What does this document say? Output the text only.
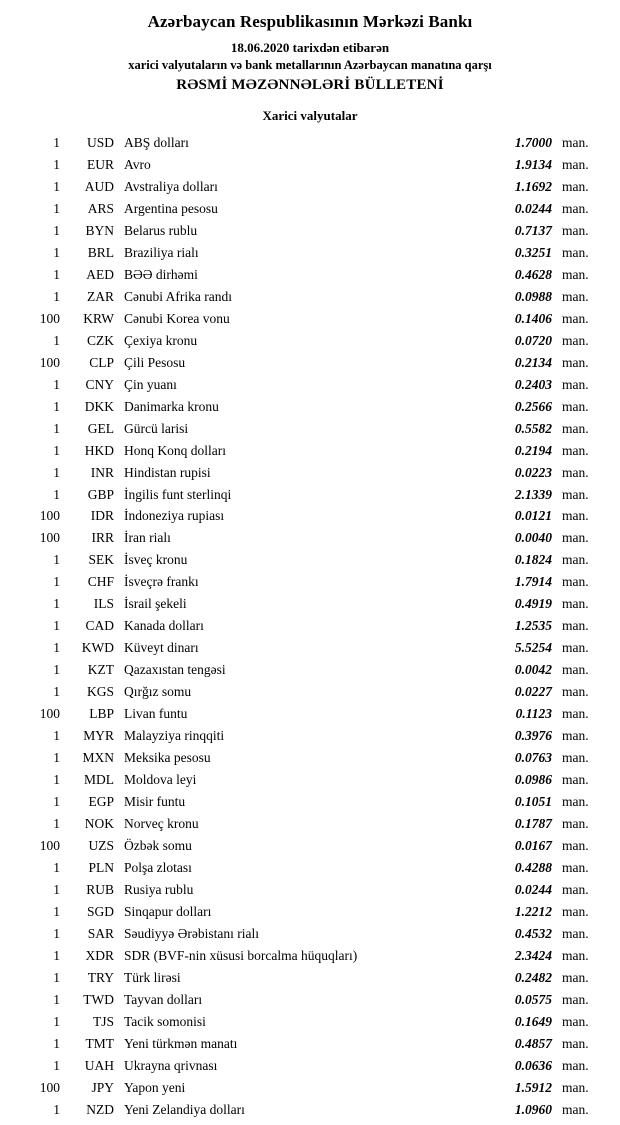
Azərbaycan Respublikasının Mərkəzi Bankı
18.06.2020 tarixdən etibarən
xarici valyutaların və bank metallarının Azərbaycan manatına qarşı
RƏSMİ MƏZƏNNƏLƏRİ BÜLLETENİ
Xarici valyutalar
1	USD	ABŞ dolları	1.7000	man.
1	EUR	Avro	1.9134	man.
1	AUD	Avstraliya dolları	1.1692	man.
1	ARS	Argentina pesosu	0.0244	man.
1	BYN	Belarus rublu	0.7137	man.
1	BRL	Braziliya rialı	0.3251	man.
1	AED	BƏƏ dirhəmi	0.4628	man.
1	ZAR	Cənubi Afrika randı	0.0988	man.
100	KRW	Cənubi Korea vonu	0.1406	man.
1	CZK	Çexiya kronu	0.0720	man.
100	CLP	Çili Pesosu	0.2134	man.
1	CNY	Çin yuanı	0.2403	man.
1	DKK	Danimarka kronu	0.2566	man.
1	GEL	Gürcü larisi	0.5582	man.
1	HKD	Honq Konq dolları	0.2194	man.
1	INR	Hindistan rupisi	0.0223	man.
1	GBP	İngilis funt sterlinqi	2.1339	man.
100	IDR	İndoneziya rupiası	0.0121	man.
100	IRR	İran rialı	0.0040	man.
1	SEK	İsveç kronu	0.1824	man.
1	CHF	İsveçrə frankı	1.7914	man.
1	ILS	İsrail şekeli	0.4919	man.
1	CAD	Kanada dolları	1.2535	man.
1	KWD	Küveyt dinarı	5.5254	man.
1	KZT	Qazaxıstan tengəsi	0.0042	man.
1	KGS	Qırğız somu	0.0227	man.
100	LBP	Livan funtu	0.1123	man.
1	MYR	Malayziya rinqqiti	0.3976	man.
1	MXN	Meksika pesosu	0.0763	man.
1	MDL	Moldova leyi	0.0986	man.
1	EGP	Misir funtu	0.1051	man.
1	NOK	Norveç kronu	0.1787	man.
100	UZS	Özbək somu	0.0167	man.
1	PLN	Polşa zlotası	0.4288	man.
1	RUB	Rusiya rublu	0.0244	man.
1	SGD	Sinqapur dolları	1.2212	man.
1	SAR	Səudiyyə Ərəbistanı rialı	0.4532	man.
1	XDR	SDR (BVF-nin xüsusi borcalma hüquqları)	2.3424	man.
1	TRY	Türk lirəsi	0.2482	man.
1	TWD	Tayvan dolları	0.0575	man.
1	TJS	Tacik somonisi	0.1649	man.
1	TMT	Yeni türkmən manatı	0.4857	man.
1	UAH	Ukrayna qrivnası	0.0636	man.
100	JPY	Yapon yeni	1.5912	man.
1	NZD	Yeni Zelandiya dolları	1.0960	man.
